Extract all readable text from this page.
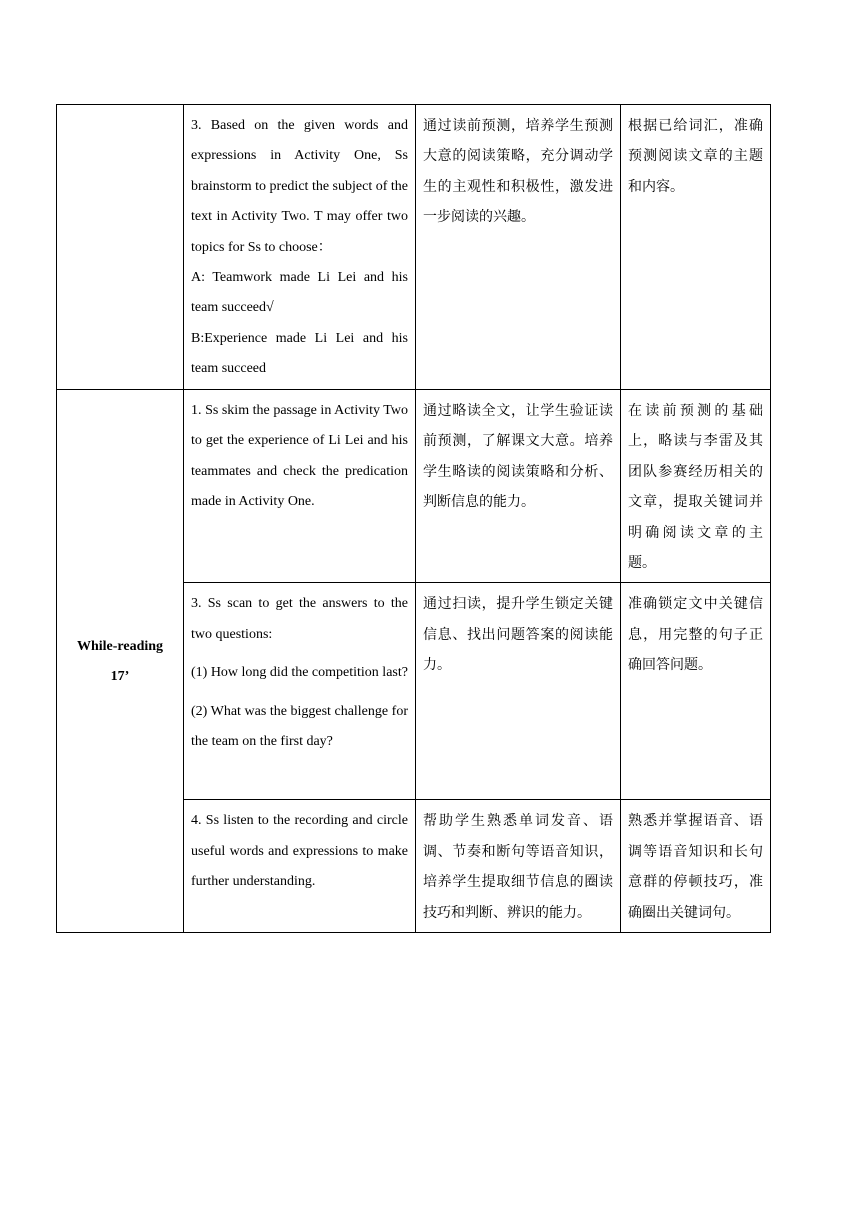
	3. Based on the given words and expressions in Activity One, Ss brainstorm to predict the subject of the text in Activity Two. T may offer two topics for Ss to choose：

A: Teamwork made Li Lei and his team succeed√

B:Experience made Li Lei and his team succeed	通过读前预测，培养学生预测大意的阅读策略，充分调动学生的主观性和积极性，激发进一步阅读的兴趣。	根据已给词汇，准确预测阅读文章的主题和内容。

While-reading
17’	1. Ss skim the passage in Activity Two to get the experience of Li Lei and his teammates and check the predication made in Activity One.	通过略读全文，让学生验证读前预测，了解课文大意。培养学生略读的阅读策略和分析、判断信息的能力。	在读前预测的基础上，略读与李雷及其团队参赛经历相关的文章，提取关键词并明确阅读文章的主题。

	3. Ss scan to get the answers to the two questions:

(1) How long did the competition last?

(2) What was the biggest challenge for the team on the first day?	通过扫读，提升学生锁定关键信息、找出问题答案的阅读能力。	准确锁定文中关键信息，用完整的句子正确回答问题。

	4. Ss listen to the recording and circle useful words and expressions to make further understanding.	帮助学生熟悉单词发音、语调、节奏和断句等语音知识，培养学生提取细节信息的圈读技巧和判断、辨识的能力。	熟悉并掌握语音、语调等语音知识和长句意群的停顿技巧，准确圈出关键词句。
